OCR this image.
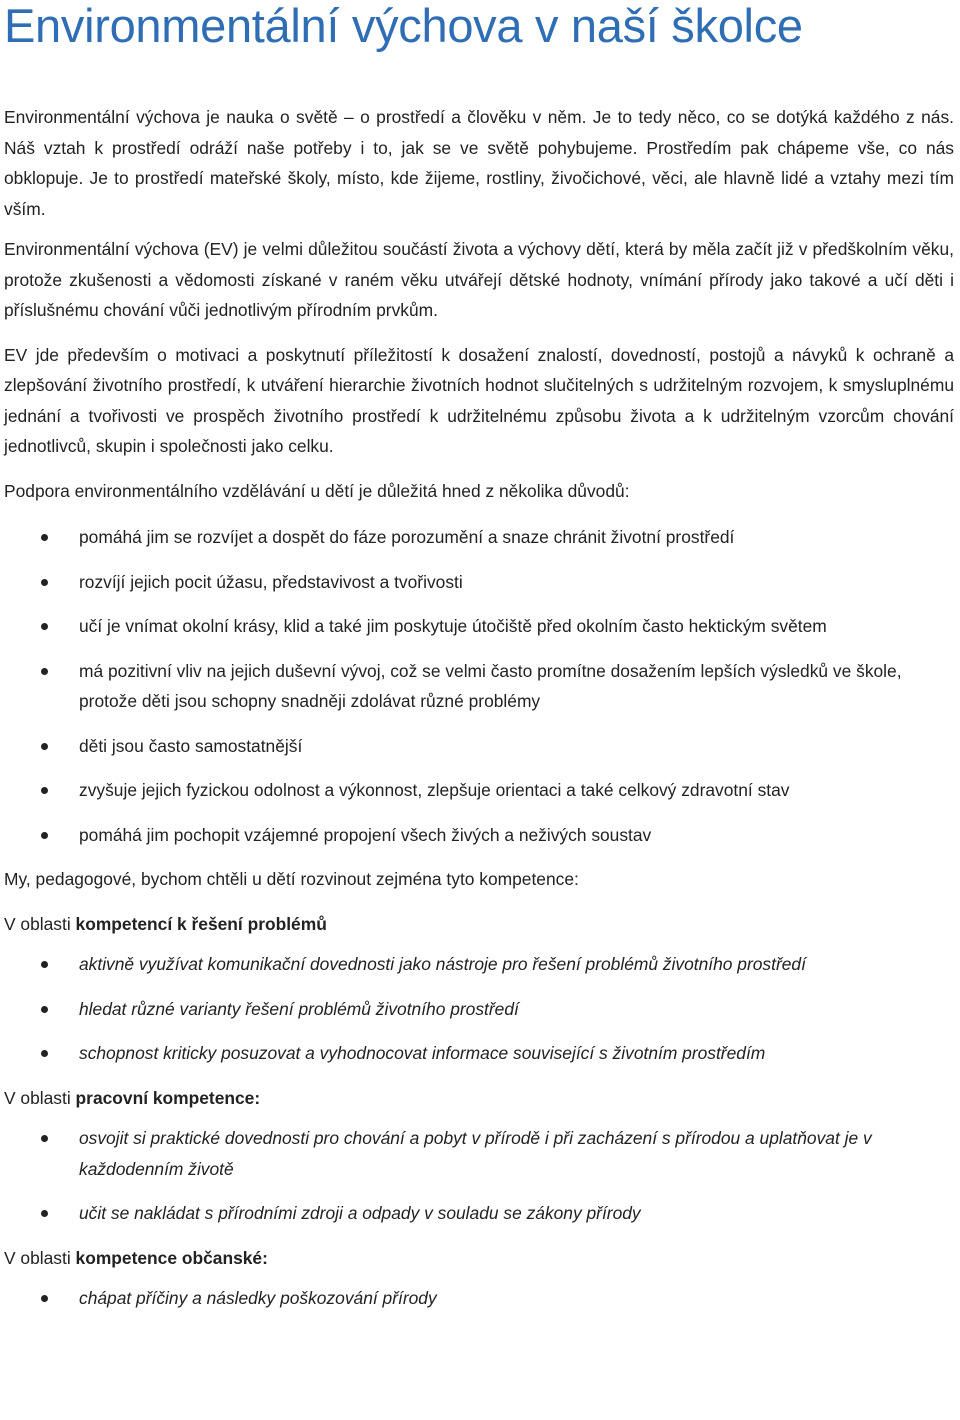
Environmentální výchova v naší školce

Environmentální výchova je nauka o světě – o prostředí a člověku v něm. Je to tedy něco, co se dotýká každého z nás. Náš vztah k prostředí odráží naše potřeby i to, jak se ve světě pohybujeme. Prostředím pak chápeme vše, co nás obklopuje. Je to prostředí mateřské školy, místo, kde žijeme, rostliny, živočichové, věci, ale hlavně lidé a vztahy mezi tím vším.

Environmentální výchova (EV) je velmi důležitou součástí života a výchovy dětí, která by měla začít již v předškolním věku, protože zkušenosti a vědomosti získané v raném věku utvářejí dětské hodnoty, vnímání přírody jako takové a učí děti i příslušnému chování vůči jednotlivým přírodním prvkům.

EV jde především o motivaci a poskytnutí příležitostí k dosažení znalostí, dovedností, postojů a návyků k ochraně a zlepšování životního prostředí, k utváření hierarchie životních hodnot slučitelných s udržitelným rozvojem, k smysluplnému jednání a tvořivosti ve prospěch životního prostředí k udržitelnému způsobu života a k udržitelným vzorcům chování jednotlivců, skupin i společnosti jako celku.

Podpora environmentálního vzdělávání u dětí je důležitá hned z několika důvodů:

pomáhá jim se rozvíjet a dospět do fáze porozumění a snaze chránit životní prostředí
rozvíjí jejich pocit úžasu, představivost a tvořivosti
učí je vnímat okolní krásy, klid a také jim poskytuje útočiště před okolním často hektickým světem
má pozitivní vliv na jejich duševní vývoj, což se velmi často promítne dosažením lepších výsledků ve škole, protože děti jsou schopny snadněji zdolávat různé problémy
děti jsou často samostatnější
zvyšuje jejich fyzickou odolnost a výkonnost, zlepšuje orientaci a také celkový zdravotní stav
pomáhá jim pochopit vzájemné propojení všech živých a neživých soustav

My, pedagogové, bychom chtěli u dětí rozvinout zejména tyto kompetence:

V oblasti kompetencí k řešení problémů

aktivně využívat komunikační dovednosti jako nástroje pro řešení problémů životního prostředí
hledat různé varianty řešení problémů životního prostředí
schopnost kriticky posuzovat a vyhodnocovat informace související s životním prostředím

V oblasti pracovní kompetence:

osvojit si praktické dovednosti pro chování a pobyt v přírodě i při zacházení s přírodou a uplatňovat je v každodenním životě
učit se nakládat s přírodními zdroji a odpady v souladu se zákony přírody

V oblasti kompetence občanské:

chápat příčiny a následky poškozování přírody
